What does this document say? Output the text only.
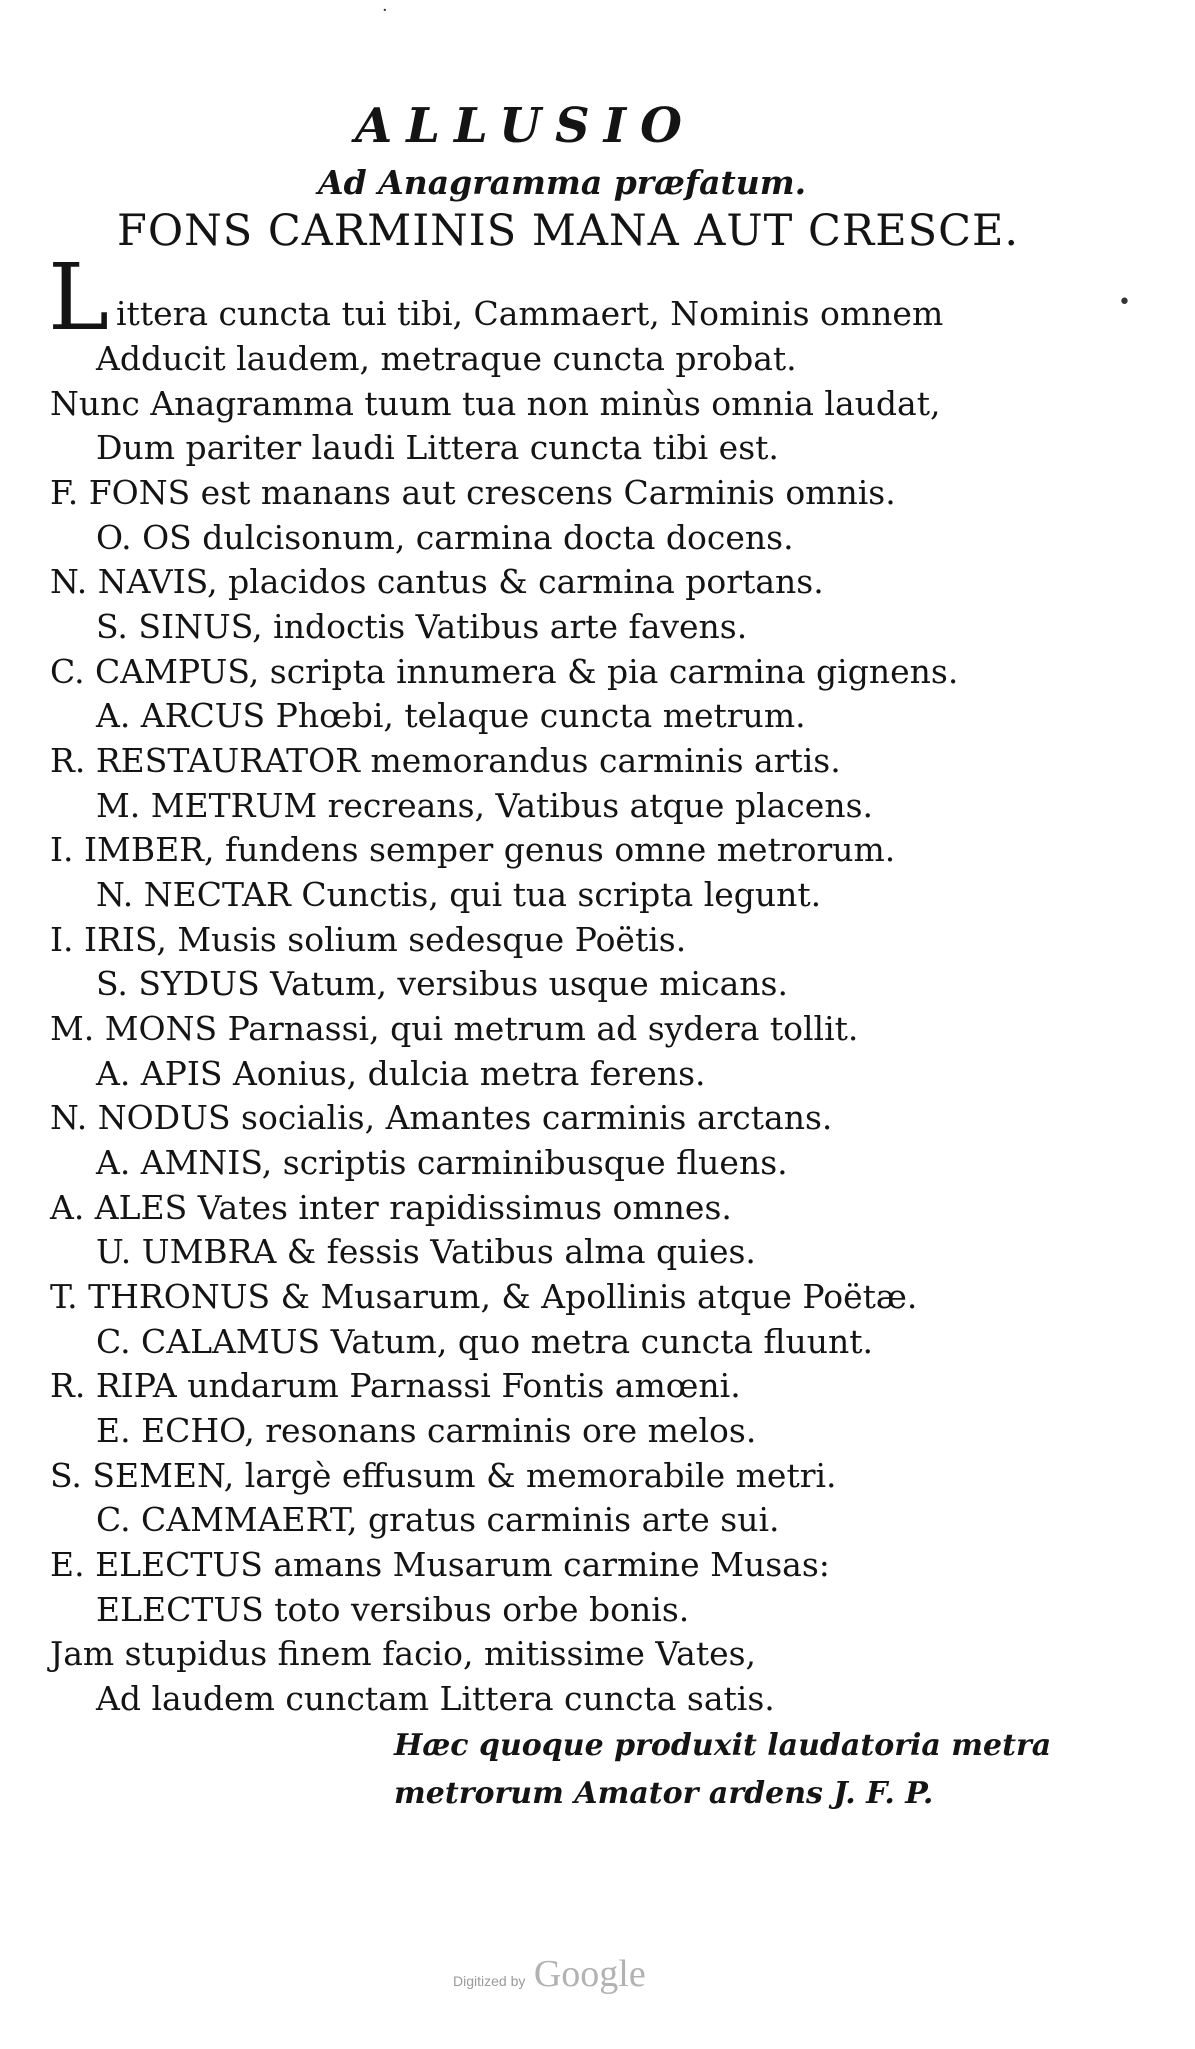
ALLUSIO
Ad Anagramma præfatum.
FONS CARMINIS MANA AUT CRESCE.
L ittera cuncta tui tibi, Cammaert, Nominis omnem
Adducit laudem, metraque cuncta probat.
Nunc Anagramma tuum tua non minùs omnia laudat,
Dum pariter laudi Littera cuncta tibi est.
F. FONS est manans aut crescens Carminis omnis.
O. OS dulcisonum, carmina docta docens.
N. NAVIS, placidos cantus & carmina portans.
S. SINUS, indoctis Vatibus arte favens.
C. CAMPUS, scripta innumera & pia carmina gignens.
A. ARCUS Phœbi, telaque cuncta metrum.
R. RESTAURATOR memorandus carminis artis.
M. METRUM recreans, Vatibus atque placens.
I. IMBER, fundens semper genus omne metrorum.
N. NECTAR Cunctis, qui tua scripta legunt.
I. IRIS, Musis solium sedesque Poëtis.
S. SYDUS Vatum, versibus usque micans.
M. MONS Parnassi, qui metrum ad sydera tollit.
A. APIS Aonius, dulcia metra ferens.
N. NODUS socialis, Amantes carminis arctans.
A. AMNIS, scriptis carminibusque fluens.
A. ALES Vates inter rapidissimus omnes.
U. UMBRA & fessis Vatibus alma quies.
T. THRONUS & Musarum, & Apollinis atque Poëtæ.
C. CALAMUS Vatum, quo metra cuncta fluunt.
R. RIPA undarum Parnassi Fontis amœni.
E. ECHO, resonans carminis ore melos.
S. SEMEN, largè effusum & memorabile metri.
C. CAMMAERT, gratus carminis arte sui.
E. ELECTUS amans Musarum carmine Musas:
ELECTUS toto versibus orbe bonis.
Jam stupidus finem facio, mitissime Vates,
Ad laudem cunctam Littera cuncta satis.
Hæc quoque produxit laudatoria metra
metrorum Amator ardens J. F. P.
Digitized by Google
•
·
